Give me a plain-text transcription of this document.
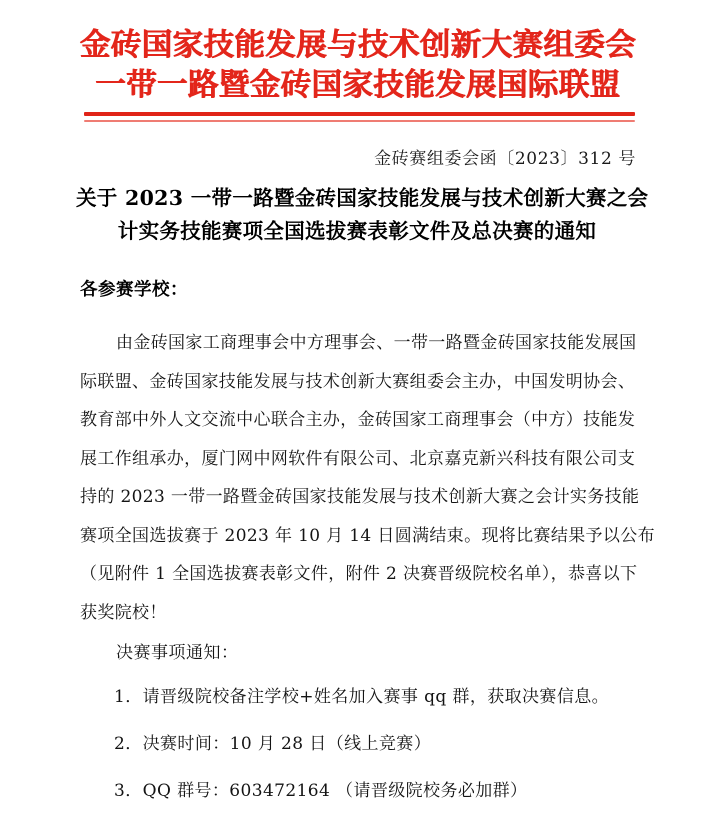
金砖国家技能发展与技术创新大赛组委会
一带一路暨金砖国家技能发展国际联盟
金砖赛组委会函〔2023〕312 号
关于 2023 一带一路暨金砖国家技能发展与技术创新大赛之会
计实务技能赛项全国选拔赛表彰文件及总决赛的通知
各参赛学校：
由金砖国家工商理事会中方理事会、一带一路暨金砖国家技能发展国
际联盟、金砖国家技能发展与技术创新大赛组委会主办，中国发明协会、
教育部中外人文交流中心联合主办，金砖国家工商理事会（中方）技能发
展工作组承办，厦门网中网软件有限公司、北京嘉克新兴科技有限公司支
持的 2023 一带一路暨金砖国家技能发展与技术创新大赛之会计实务技能
赛项全国选拔赛于 2023 年 10 月 14 日圆满结束。现将比赛结果予以公布
（见附件 1 全国选拔赛表彰文件，附件 2 决赛晋级院校名单），恭喜以下
获奖院校！
决赛事项通知：
1．请晋级院校备注学校+姓名加入赛事 qq 群，获取决赛信息。
2．决赛时间：10 月 28 日（线上竞赛）
3．QQ 群号：603472164 （请晋级院校务必加群）
